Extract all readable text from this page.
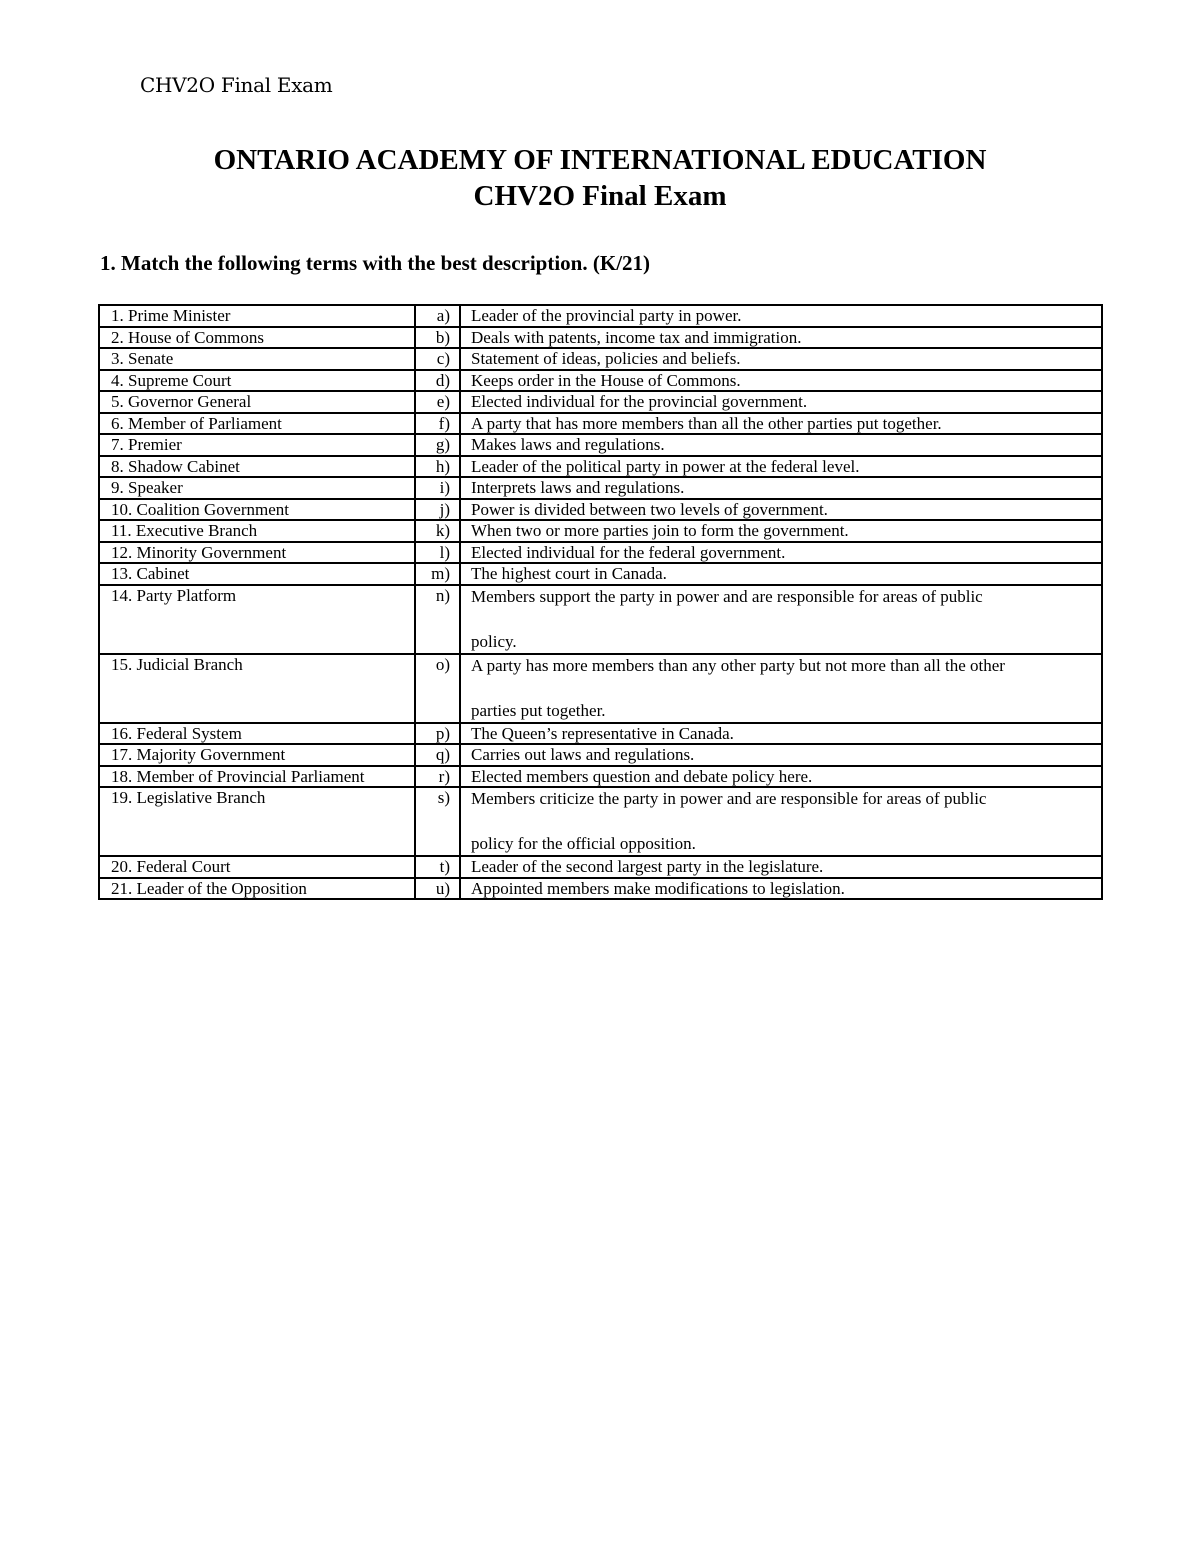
CHV2O Final Exam
ONTARIO ACADEMY OF INTERNATIONAL EDUCATION
CHV2O Final Exam
1. Match the following terms with the best description. (K/21)
1. Prime Minister	a)	Leader of the provincial party in power.
2. House of Commons	b)	Deals with patents, income tax and immigration.
3. Senate	c)	Statement of ideas, policies and beliefs.
4. Supreme Court	d)	Keeps order in the House of Commons.
5. Governor General	e)	Elected individual for the provincial government.
6. Member of Parliament	f)	A party that has more members than all the other parties put together.
7. Premier	g)	Makes laws and regulations.
8. Shadow Cabinet	h)	Leader of the political party in power at the federal level.
9. Speaker	i)	Interprets laws and regulations.
10. Coalition Government	j)	Power is divided between two levels of government.
11. Executive Branch	k)	When two or more parties join to form the government.
12. Minority Government	l)	Elected individual for the federal government.
13. Cabinet	m)	The highest court in Canada.
14. Party Platform	n)	Members support the party in power and are responsible for areas of public
policy.

15. Judicial Branch	o)	A party has more members than any other party but not more than all the other
parties put together.

16. Federal System	p)	The Queen’s representative in Canada.
17. Majority Government	q)	Carries out laws and regulations.
18. Member of Provincial Parliament	r)	Elected members question and debate policy here.
19. Legislative Branch	s)	Members criticize the party in power and are responsible for areas of public
policy for the official opposition.

20. Federal Court	t)	Leader of the second largest party in the legislature.
21. Leader of the Opposition	u)	Appointed members make modifications to legislation.
